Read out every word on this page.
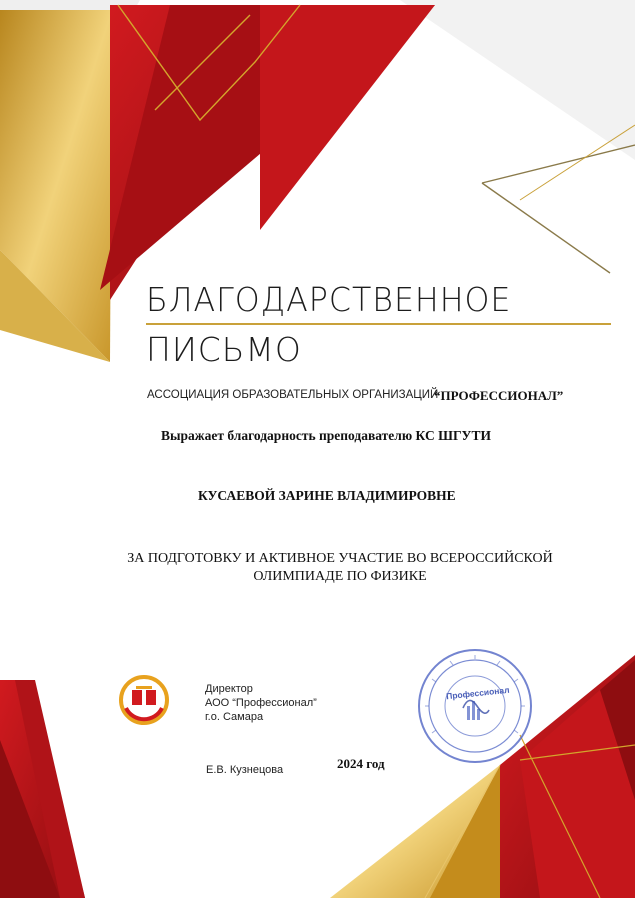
БЛАГОДАРСТВЕННОЕ
ПИСЬМО
АССОЦИАЦИЯ ОБРАЗОВАТЕЛЬНЫХ ОРГАНИЗАЦИЙ
“ПРОФЕССИОНАЛ”
Выражает благодарность преподавателю КС ШГУТИ
КУСАЕВОЙ ЗАРИНЕ ВЛАДИМИРОВНЕ
ЗА ПОДГОТОВКУ И АКТИВНОЕ УЧАСТИЕ ВО ВСЕРОССИЙСКОЙ
ОЛИМПИАДЕ ПО ФИЗИКЕ
Директор
АОО “Профессионал”
г.о. Самара
Е.В. Кузнецова	2024 год
Профессионал
